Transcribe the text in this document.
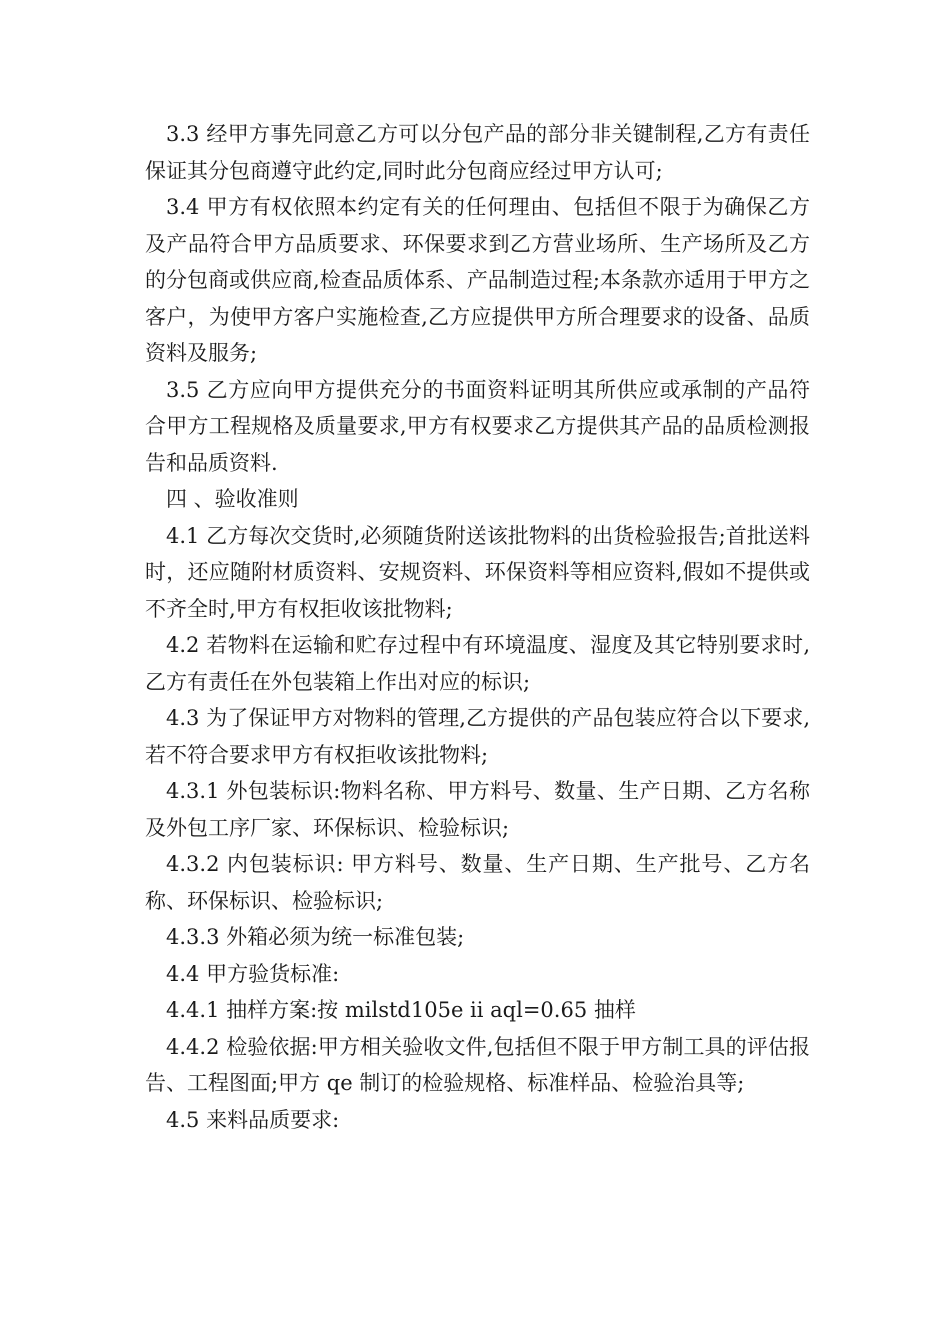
3.3 经甲方事先同意乙方可以分包产品的部分非关键制程,乙方有责任保证其分包商遵守此约定,同时此分包商应经过甲方认可;

3.4 甲方有权依照本约定有关的任何理由、包括但不限于为确保乙方及产品符合甲方品质要求、环保要求到乙方营业场所、生产场所及乙方的分包商或供应商,检查品质体系、产品制造过程;本条款亦适用于甲方之客户，为使甲方客户实施检查,乙方应提供甲方所合理要求的设备、品质资料及服务;

3.5 乙方应向甲方提供充分的书面资料证明其所供应或承制的产品符合甲方工程规格及质量要求,甲方有权要求乙方提供其产品的品质检测报告和品质资料.

四 、验收准则

4.1 乙方每次交货时,必须随货附送该批物料的出货检验报告;首批送料时，还应随附材质资料、安规资料、环保资料等相应资料,假如不提供或不齐全时,甲方有权拒收该批物料;

4.2 若物料在运输和贮存过程中有环境温度、湿度及其它特别要求时,乙方有责任在外包装箱上作出对应的标识;

4.3 为了保证甲方对物料的管理,乙方提供的产品包装应符合以下要求,若不符合要求甲方有权拒收该批物料;

4.3.1 外包装标识:物料名称、甲方料号、数量、生产日期、乙方名称及外包工序厂家、环保标识、检验标识;

4.3.2 内包装标识: 甲方料号、数量、生产日期、生产批号、乙方名称、环保标识、检验标识;

4.3.3 外箱必须为统一标准包装;

4.4 甲方验货标准:

4.4.1 抽样方案:按 milstd105e ⅱ aql=0.65 抽样

4.4.2 检验依据:甲方相关验收文件,包括但不限于甲方制工具的评估报告、工程图面;甲方 qe 制订的检验规格、标准样品、检验治具等;

4.5 来料品质要求:
